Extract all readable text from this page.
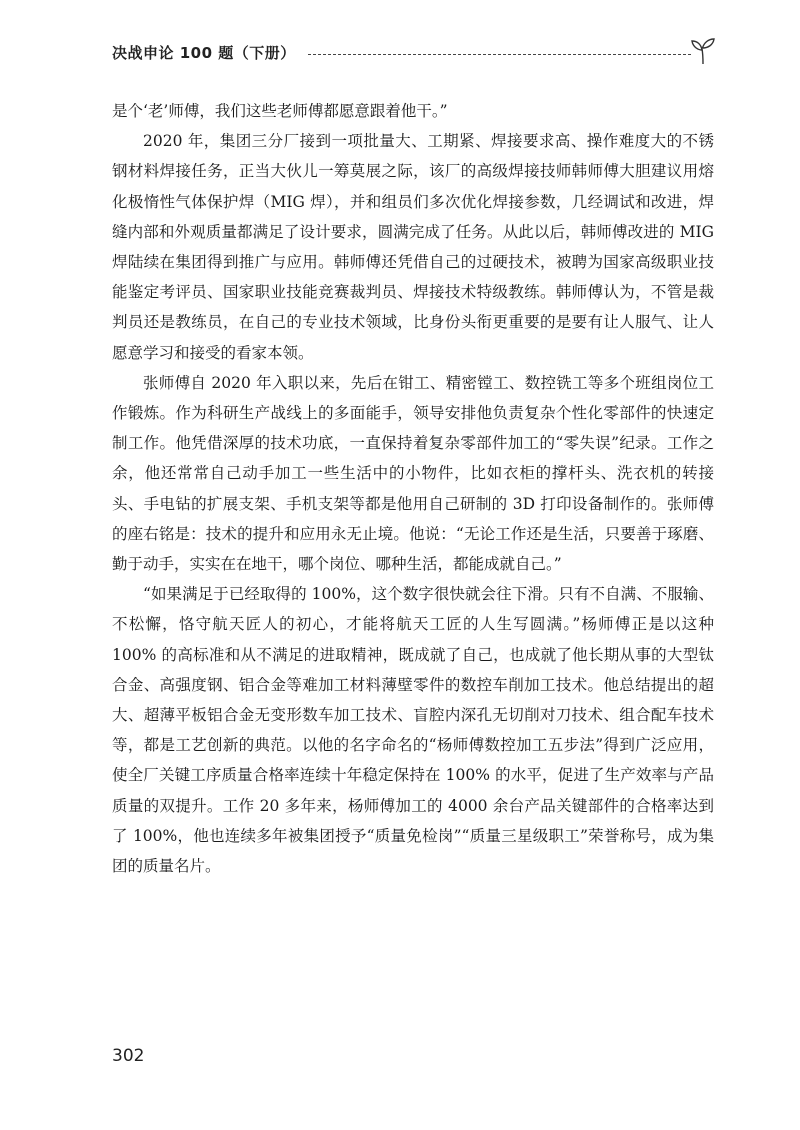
决战申论 100 题（下册）

是个‘老’师傅，我们这些老师傅都愿意跟着他干。”

2020 年，集团三分厂接到一项批量大、工期紧、焊接要求高、操作难度大的不锈钢材料焊接任务，正当大伙儿一筹莫展之际，该厂的高级焊接技师韩师傅大胆建议用熔化极惰性气体保护焊（MIG 焊），并和组员们多次优化焊接参数，几经调试和改进，焊缝内部和外观质量都满足了设计要求，圆满完成了任务。从此以后，韩师傅改进的 MIG 焊陆续在集团得到推广与应用。韩师傅还凭借自己的过硬技术，被聘为国家高级职业技能鉴定考评员、国家职业技能竞赛裁判员、焊接技术特级教练。韩师傅认为，不管是裁判员还是教练员，在自己的专业技术领域，比身份头衔更重要的是要有让人服气、让人愿意学习和接受的看家本领。

张师傅自 2020 年入职以来，先后在钳工、精密镗工、数控铣工等多个班组岗位工作锻炼。作为科研生产战线上的多面能手，领导安排他负责复杂个性化零部件的快速定制工作。他凭借深厚的技术功底，一直保持着复杂零部件加工的“零失误”纪录。工作之余，他还常常自己动手加工一些生活中的小物件，比如衣柜的撑杆头、洗衣机的转接头、手电钻的扩展支架、手机支架等都是他用自己研制的 3D 打印设备制作的。张师傅的座右铭是：技术的提升和应用永无止境。他说：“无论工作还是生活，只要善于琢磨、勤于动手，实实在在地干，哪个岗位、哪种生活，都能成就自己。”

“如果满足于已经取得的 100%，这个数字很快就会往下滑。只有不自满、不服输、不松懈，恪守航天匠人的初心，才能将航天工匠的人生写圆满。”杨师傅正是以这种 100% 的高标准和从不满足的进取精神，既成就了自己，也成就了他长期从事的大型钛合金、高强度钢、铝合金等难加工材料薄壁零件的数控车削加工技术。他总结提出的超大、超薄平板铝合金无变形数车加工技术、盲腔内深孔无切削对刀技术、组合配车技术等，都是工艺创新的典范。以他的名字命名的“杨师傅数控加工五步法”得到广泛应用，使全厂关键工序质量合格率连续十年稳定保持在 100% 的水平，促进了生产效率与产品质量的双提升。工作 20 多年来，杨师傅加工的 4000 余台产品关键部件的合格率达到了 100%，他也连续多年被集团授予“质量免检岗”“质量三星级职工”荣誉称号，成为集团的质量名片。

302
